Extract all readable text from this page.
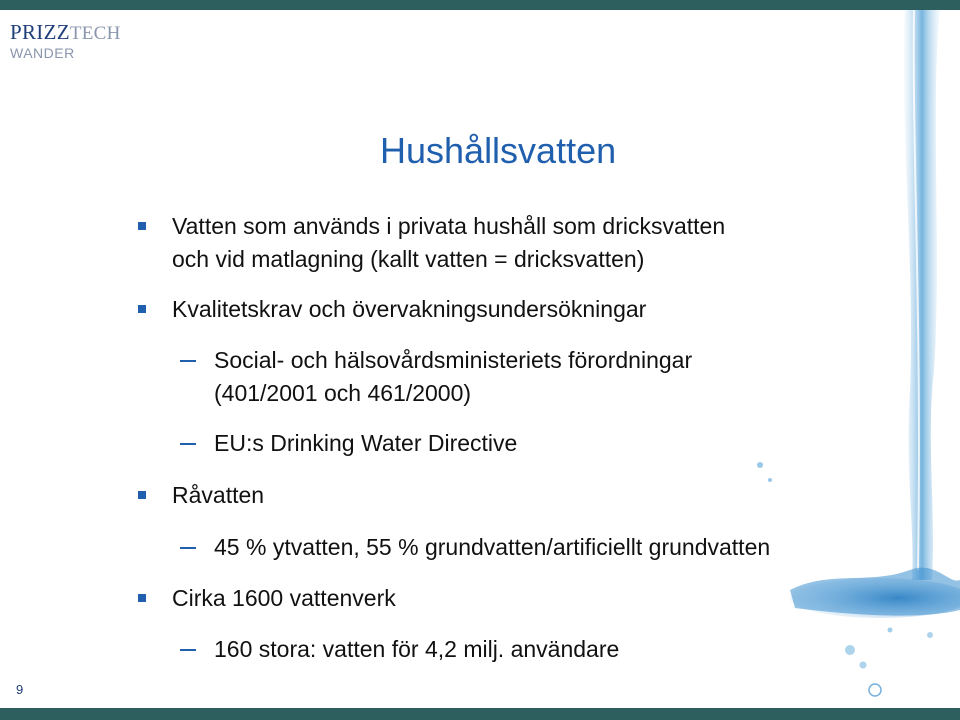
PRIZZTECH
WANDER
Hushållsvatten
Vatten som används i privata hushåll som dricksvatten
och vid matlagning (kallt vatten = dricksvatten)
Kvalitetskrav och övervakningsundersökningar
Social- och hälsovårdsministeriets förordningar
(401/2001 och 461/2000)
EU:s Drinking Water Directive
Råvatten
45 % ytvatten, 55 % grundvatten/artificiellt grundvatten
Cirka 1600 vattenverk
160 stora: vatten för 4,2 milj. användare
9
